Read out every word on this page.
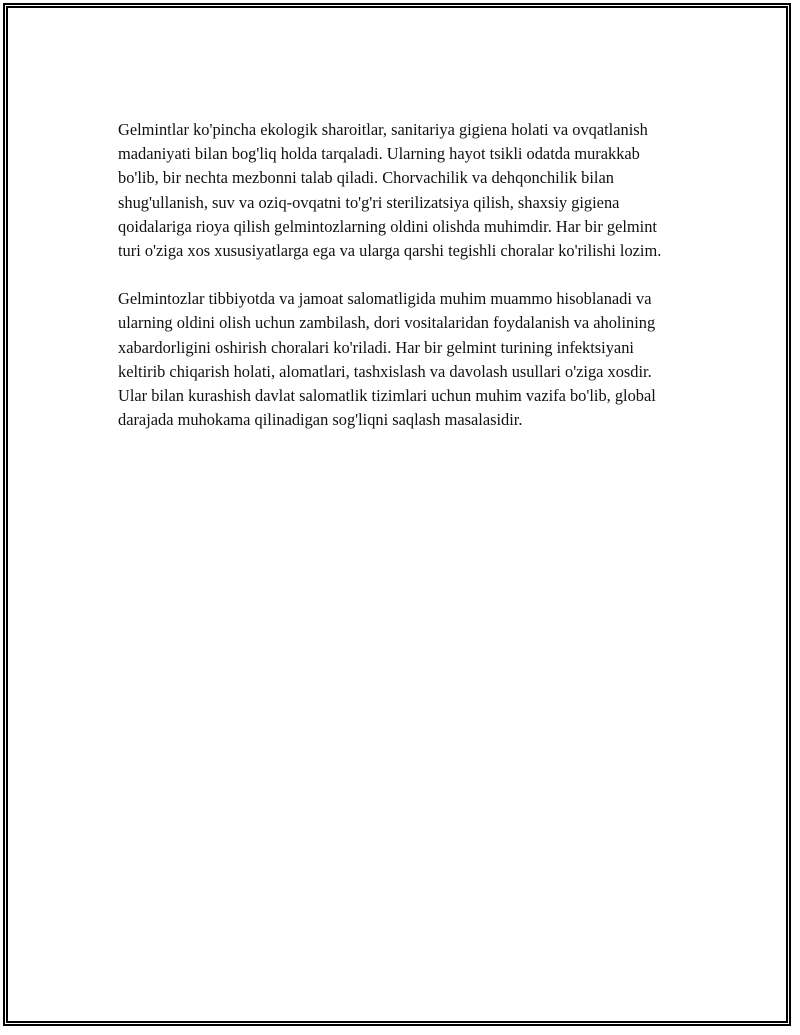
Gelmintlar ko'pincha ekologik sharoitlar, sanitariya gigiena holati va ovqatlanish madaniyati bilan bog'liq holda tarqaladi. Ularning hayot tsikli odatda murakkab bo'lib, bir nechta mezbonni talab qiladi. Chorvachilik va dehqonchilik bilan shug'ullanish, suv va oziq-ovqatni to'g'ri sterilizatsiya qilish, shaxsiy gigiena qoidalariga rioya qilish gelmintozlarning oldini olishda muhimdir. Har bir gelmint turi o'ziga xos xususiyatlarga ega va ularga qarshi tegishli choralar ko'rilishi lozim.

Gelmintozlar tibbiyotda va jamoat salomatligida muhim muammo hisoblanadi va ularning oldini olish uchun zambilash, dori vositalaridan foydalanish va aholining xabardorligini oshirish choralari ko'riladi. Har bir gelmint turining infektsiyani keltirib chiqarish holati, alomatlari, tashxislash va davolash usullari o'ziga xosdir. Ular bilan kurashish davlat salomatlik tizimlari uchun muhim vazifa bo'lib, global darajada muhokama qilinadigan sog'liqni saqlash masalasidir.
